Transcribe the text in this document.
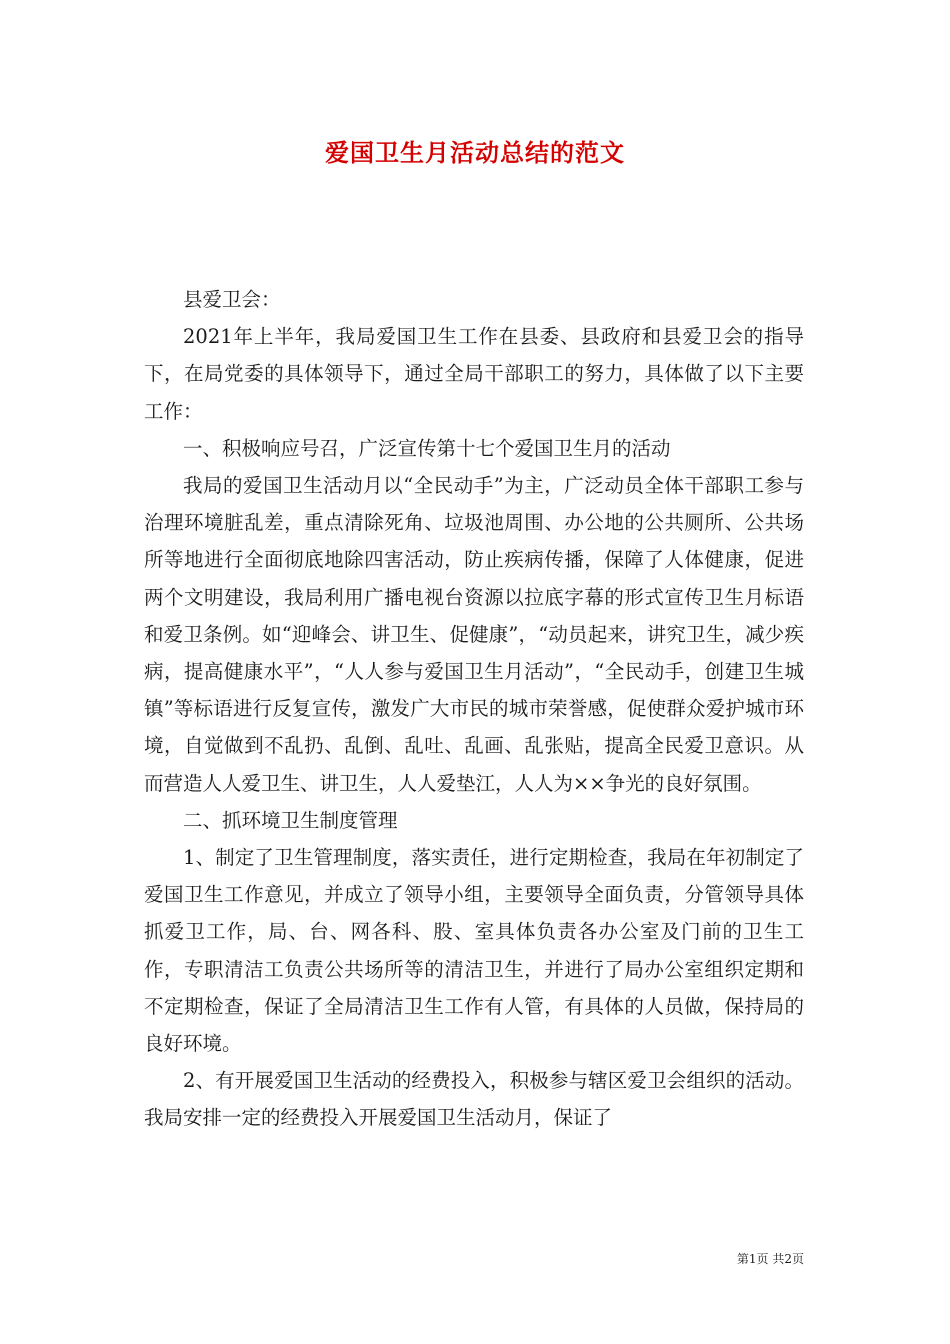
爱国卫生月活动总结的范文

县爱卫会：

2021年上半年，我局爱国卫生工作在县委、县政府和县爱卫会的指导下，在局党委的具体领导下，通过全局干部职工的努力，具体做了以下主要工作：

一、积极响应号召，广泛宣传第十七个爱国卫生月的活动

我局的爱国卫生活动月以“全民动手”为主，广泛动员全体干部职工参与治理环境脏乱差，重点清除死角、垃圾池周围、办公地的公共厕所、公共场所等地进行全面彻底地除四害活动，防止疾病传播，保障了人体健康，促进两个文明建设，我局利用广播电视台资源以拉底字幕的形式宣传卫生月标语和爱卫条例。如“迎峰会、讲卫生、促健康”，“动员起来，讲究卫生，减少疾病，提高健康水平”，“人人参与爱国卫生月活动”，“全民动手，创建卫生城镇”等标语进行反复宣传，激发广大市民的城市荣誉感，促使群众爱护城市环境，自觉做到不乱扔、乱倒、乱吐、乱画、乱张贴，提高全民爱卫意识。从而营造人人爱卫生、讲卫生，人人爱垫江，人人为××争光的良好氛围。

二、抓环境卫生制度管理

1、制定了卫生管理制度，落实责任，进行定期检查，我局在年初制定了爱国卫生工作意见，并成立了领导小组，主要领导全面负责，分管领导具体抓爱卫工作，局、台、网各科、股、室具体负责各办公室及门前的卫生工作，专职清洁工负责公共场所等的清洁卫生，并进行了局办公室组织定期和不定期检查，保证了全局清洁卫生工作有人管，有具体的人员做，保持局的良好环境。

2、有开展爱国卫生活动的经费投入，积极参与辖区爱卫会组织的活动。我局安排一定的经费投入开展爱国卫生活动月，保证了

第1页 共2页
